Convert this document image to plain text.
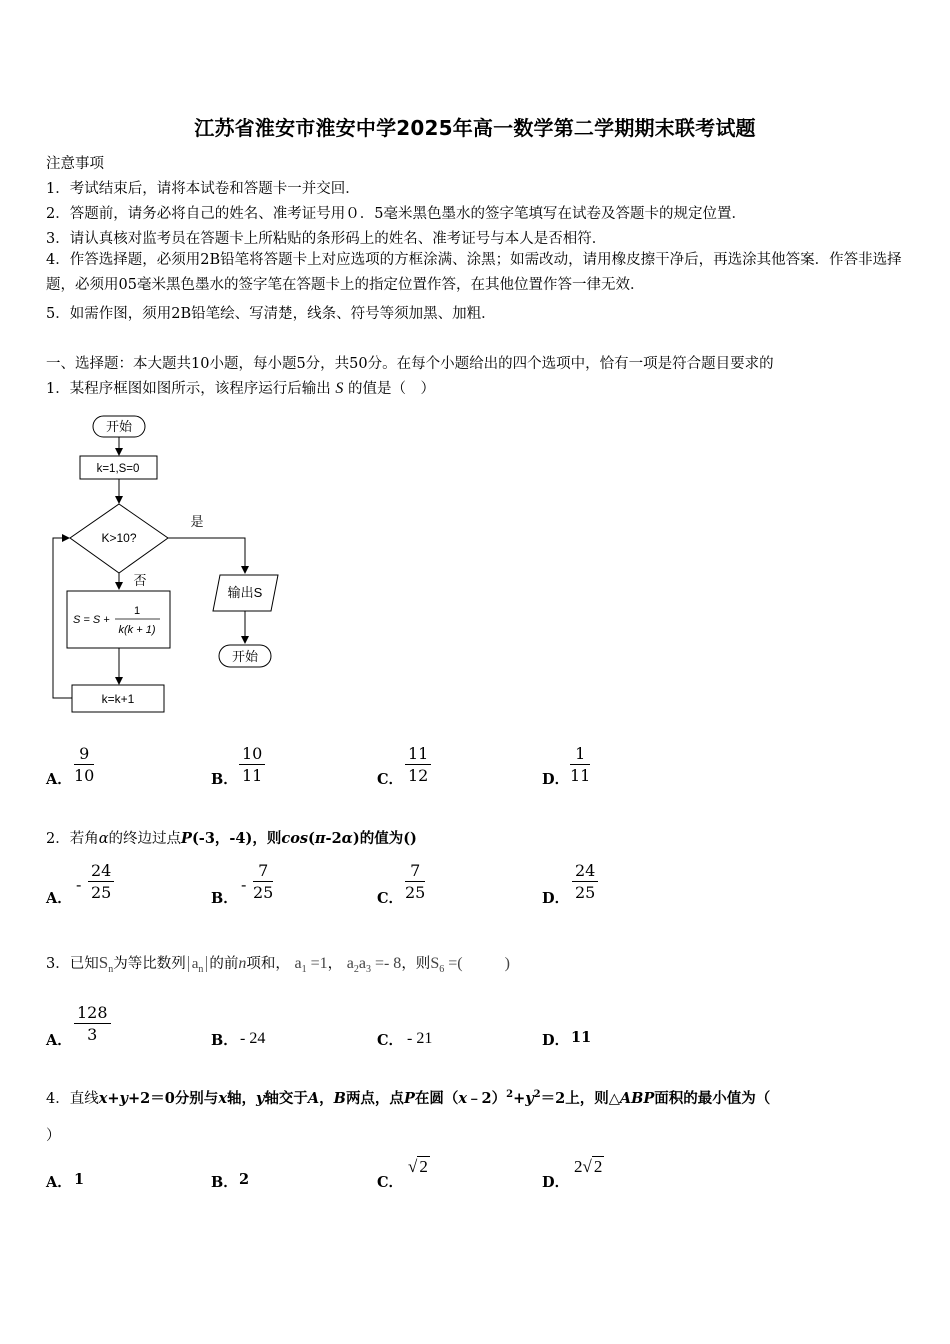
江苏省淮安市淮安中学2025年高一数学第二学期期末联考试题
注意事项
1．考试结束后，请将本试卷和答题卡一并交回．
2．答题前，请务必将自己的姓名、准考证号用０．5毫米黑色墨水的签字笔填写在试卷及答题卡的规定位置．
3．请认真核对监考员在答题卡上所粘贴的条形码上的姓名、准考证号与本人是否相符．
4．作答选择题，必须用2B铅笔将答题卡上对应选项的方框涂满、涂黑；如需改动，请用橡皮擦干净后，再选涂其他答案．作答非选择题，必须用05毫米黑色墨水的签字笔在答题卡上的指定位置作答，在其他位置作答一律无效．
5．如需作图，须用2B铅笔绘、写清楚，线条、符号等须加黑、加粗．
一、选择题：本大题共10小题，每小题5分，共50分。在每个小题给出的四个选项中，恰有一项是符合题目要求的
1．某程序框图如图所示，该程序运行后输出 S 的值是（　）
开始
k=1,S=0
K>10?
是
输出S
开始
否
S = S +
1
k(k + 1)
k=k+1
A． $\frac{9}{10}$	B． $\frac{10}{11}$	C． $\frac{11}{12}$	D． $\frac{1}{11}$
2．若角α的终边过点P(-3，-4)，则cos(π-2α)的值为()
A．
- $\frac{24}{25}$	B．
- $\frac{7}{25}$	C． $\frac{7}{25}$	D． $\frac{24}{25}$
3．已知$S_n$为等比数列 $a_n$ 的前n项和， $a_1 =1$， $a_2a_3 =- 8$，则$S_6$ =(	)
A． $\frac{128}{3}$	B． - 24	C． - 21	D． 11
4．直线x+y+2＝0分别与x轴，y轴交于A，B两点，点P在圆$(x﹣2)^2+y^2=2$上，则△ABP面积的最小值为（
）
A． 1	B． 2	C．
√ 2
D．
2√ 2
